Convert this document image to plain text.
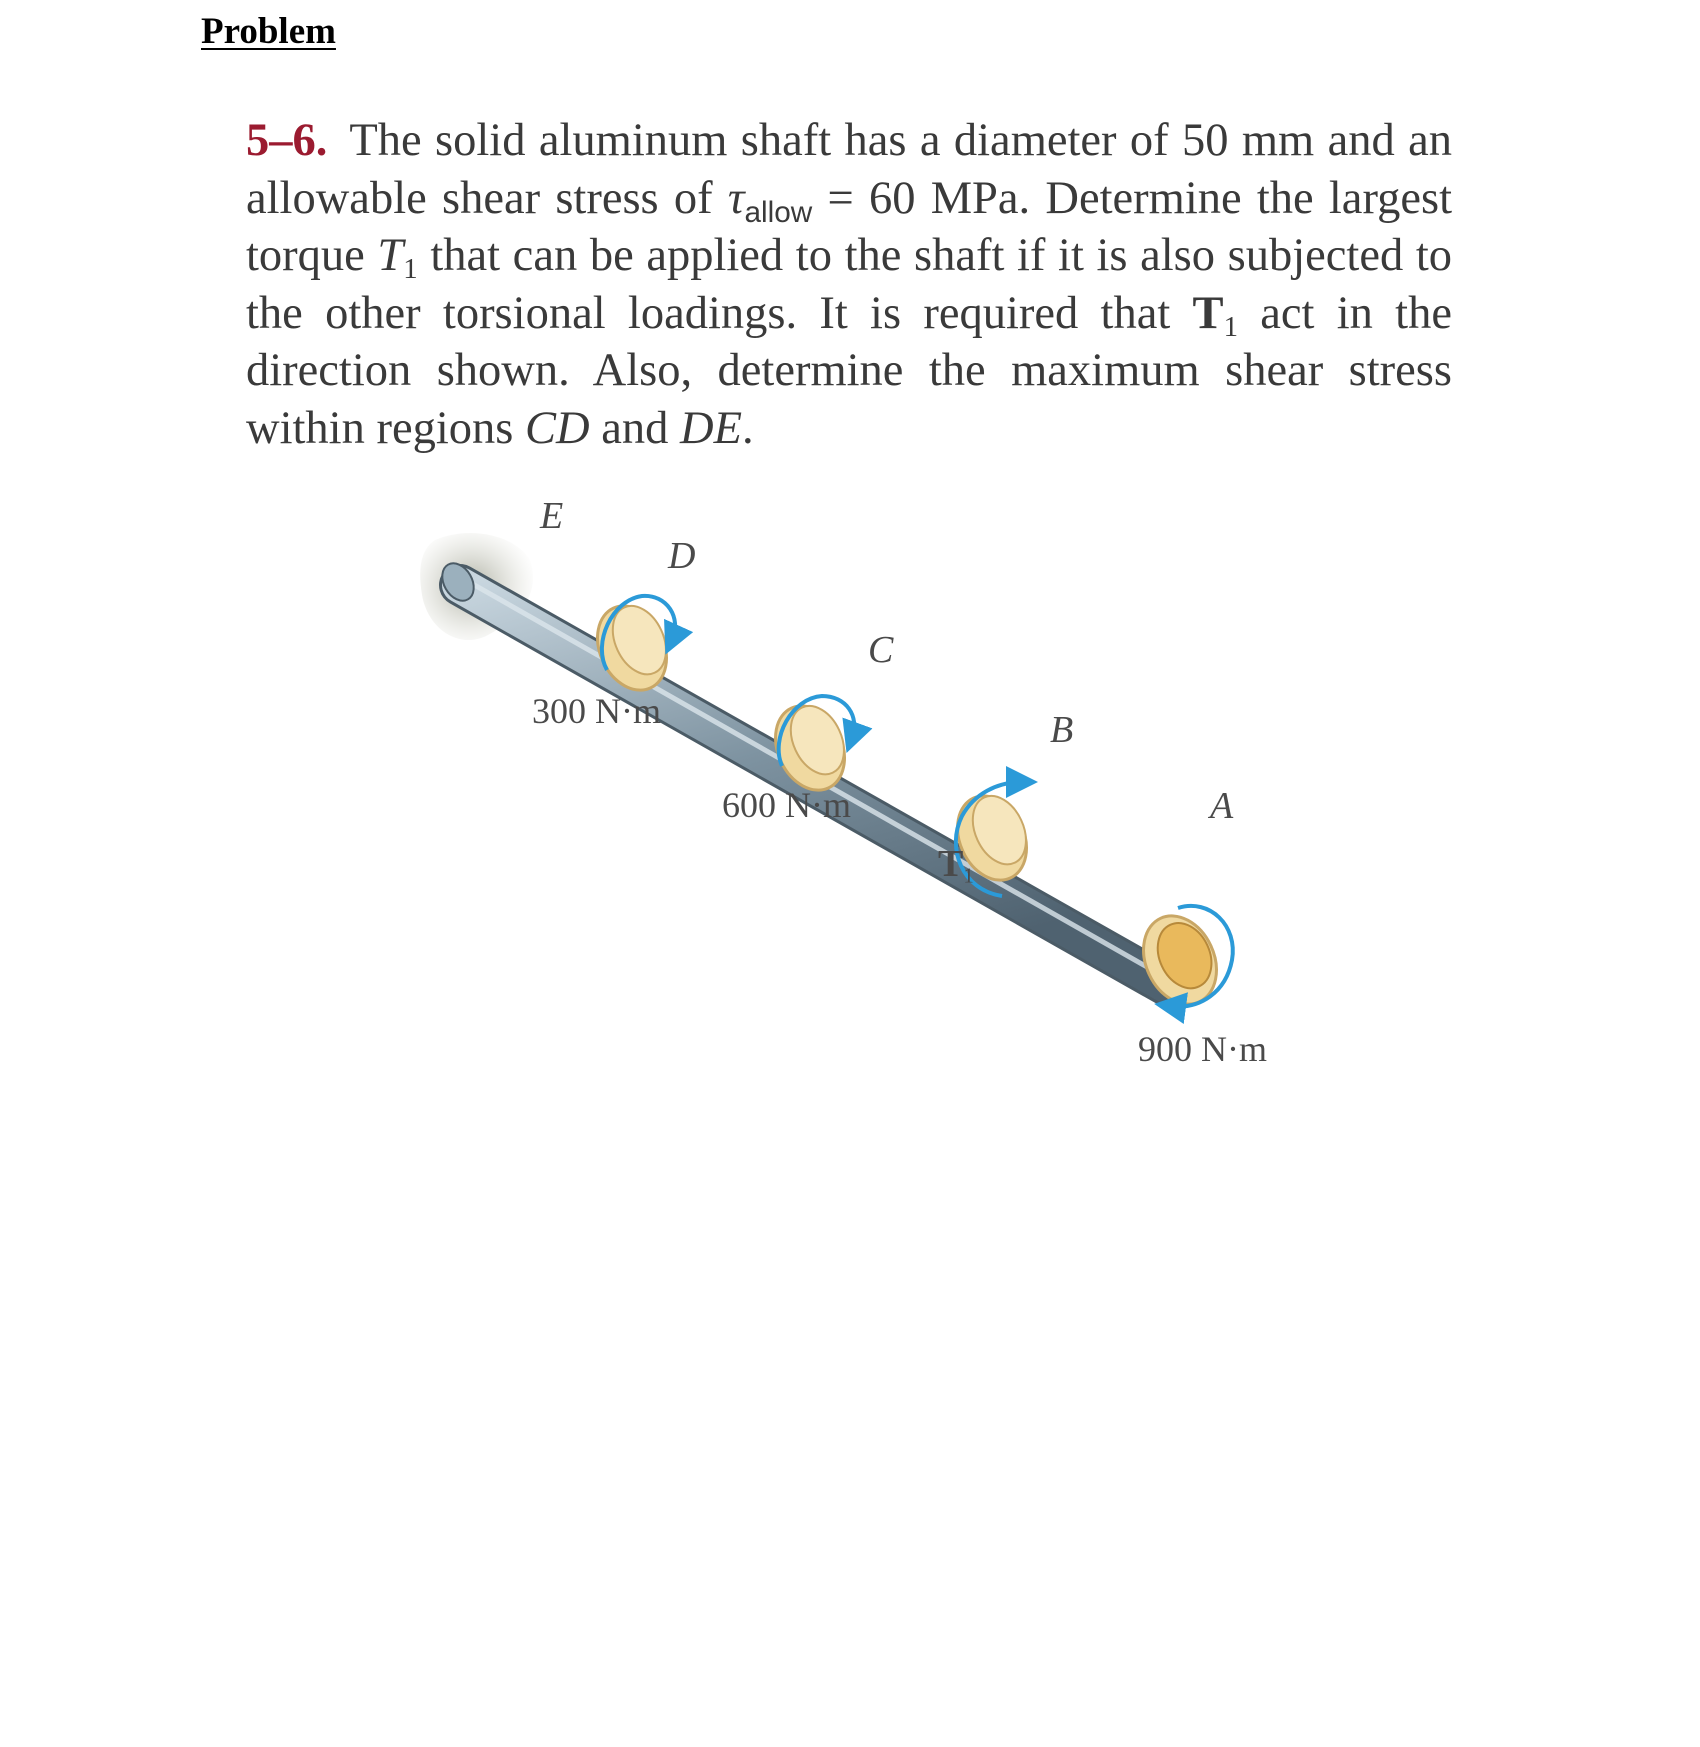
Problem

5–6. The solid aluminum shaft has a diameter of 50 mm and an allowable shear stress of $\tau_{allow} = 60$ MPa. Determine the largest torque $T_1$ that can be applied to the shaft if it is also subjected to the other torsional loadings. It is required that $T_1$ act in the direction shown. Also, determine the maximum shear stress within regions CD and DE.

E
D
C
B
A
300 N·m
600 N·m
$T_1$
900 N·m
